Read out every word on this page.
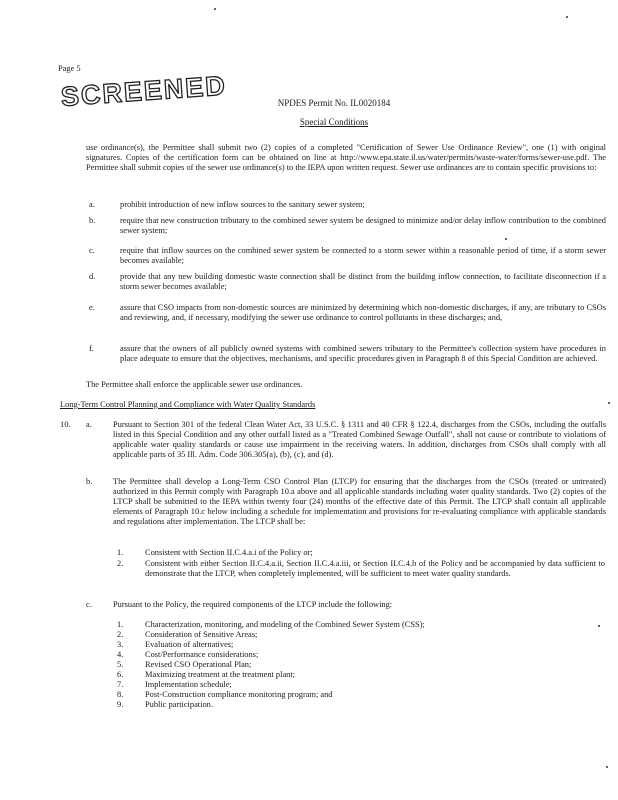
Page 5
SCREENED	NPDES Permit No. IL0020184
Special Conditions
use ordinance(s), the Permittee shall submit two (2) copies of a completed "Certification of Sewer Use Ordinance Review", one (1) with original signatures. Copies of the certification form can be obtained on line at http://www.epa.state.il.us/water/permits/waste-water/forms/sewer-use.pdf. The Permittee shall submit copies of the sewer use ordinance(s) to the IEPA upon written request. Sewer use ordinances are to contain specific provisions to:
a.	prohibit introduction of new inflow sources to the sanitary sewer system;
b.	require that new construction tributary to the combined sewer system be designed to minimize and/or delay inflow contribution to the combined sewer system;
c.	require that inflow sources on the combined sewer system be connected to a storm sewer within a reasonable period of time, if a storm sewer becomes available;
d.	provide that any new building domestic waste connection shall be distinct from the building inflow connection, to facilitate disconnection if a storm sewer becomes available;
e.	assure that CSO impacts from non-domestic sources are minimized by determining which non-domestic discharges, if any, are tributary to CSOs and reviewing, and, if necessary, modifying the sewer use ordinance to control pollutants in these discharges; and,
f.	assure that the owners of all publicly owned systems with combined sewers tributary to the Permittee's collection system have procedures in place adequate to ensure that the objectives, mechanisms, and specific procedures given in Paragraph 8 of this Special Condition are achieved.
The Permittee shall enforce the applicable sewer use ordinances.
Long-Term Control Planning and Compliance with Water Quality Standards
10. a.	Pursuant to Section 301 of the federal Clean Water Act, 33 U.S.C. § 1311 and 40 CFR § 122.4, discharges from the CSOs, including the outfalls listed in this Special Condition and any other outfall listed as a "Treated Combined Sewage Outfall", shall not cause or contribute to violations of applicable water quality standards or cause use impairment in the receiving waters. In addition, discharges from CSOs shall comply with all applicable parts of 35 Ill. Adm. Code 306.305(a), (b), (c), and (d).
b. The Permittee shall develop a Long-Term CSO Control Plan (LTCP) for ensuring that the discharges from the CSOs (treated or untreated) authorized in this Permit comply with Paragraph 10.a above and all applicable standards including water quality standards. Two (2) copies of the LTCP shall be submitted to the IEPA within twenty four (24) months of the effective date of this Permit. The LTCP shall contain all applicable elements of Paragraph 10.c below including a schedule for implementation and provisions for re-evaluating compliance with applicable standards and regulations after implementation. The LTCP shall be:
1.	Consistent with Section II.C.4.a.i of the Policy or;
2.	Consistent with either Section II.C.4.a.ii, Section II.C.4.a.iii, or Section II.C.4.b of the Policy and be accompanied by data sufficient to demonstrate that the LTCP, when completely implemented, will be sufficient to meet water quality standards.
c.	Pursuant to the Policy, the required components of the LTCP include the following:
1.	Characterization, monitoring, and modeling of the Combined Sewer System (CSS);
2.	Consideration of Sensitive Areas;
3.	Evaluation of alternatives;
4.	Cost/Performance considerations;
5.	Revised CSO Operational Plan;
6.	Maximizing treatment at the treatment plant;
7.	Implementation schedule;
8.	Post-Construction compliance monitoring program; and
9.	Public participation.
